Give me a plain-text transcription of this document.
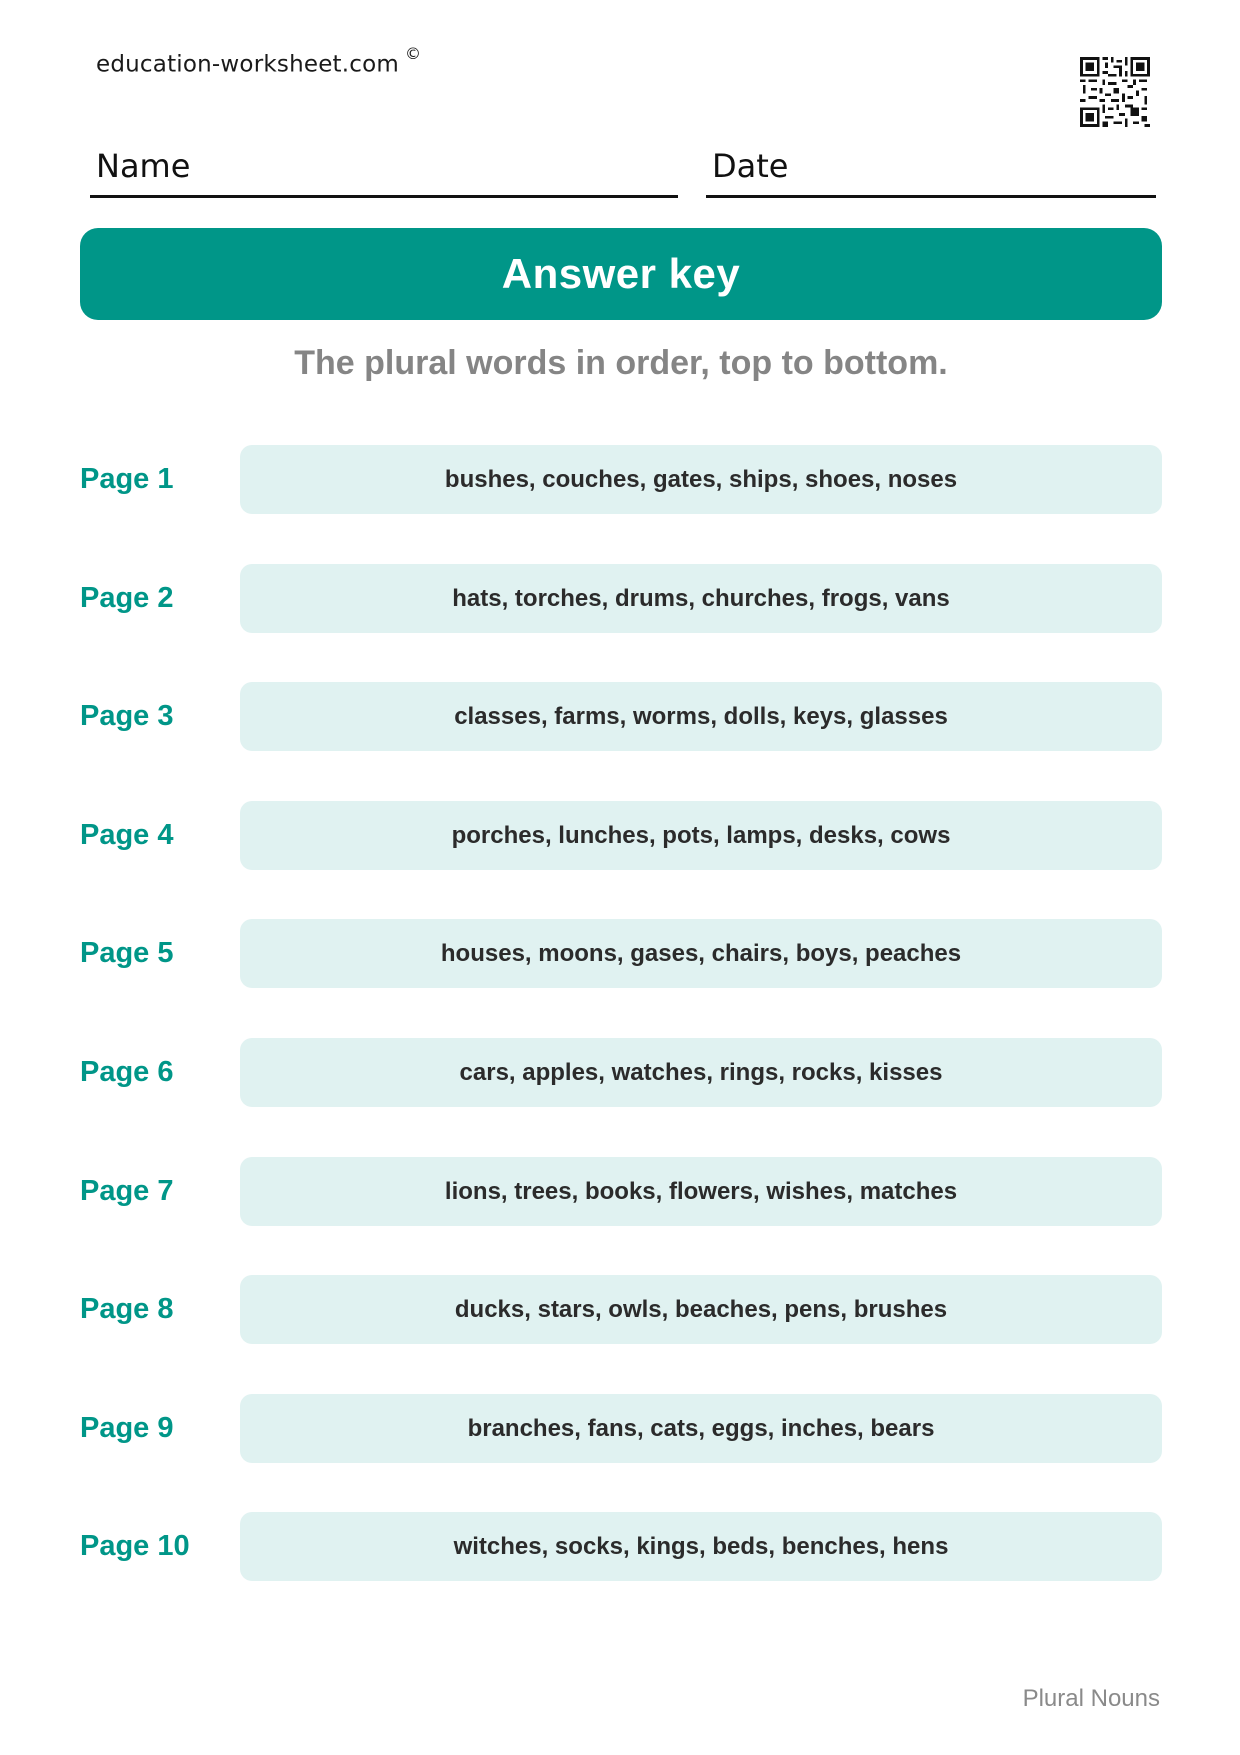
education-worksheet.com ©
Name	Date
Answer key
The plural words in order, top to bottom.
Page 1	bushes, couches, gates, ships, shoes, noses
Page 2	hats, torches, drums, churches, frogs, vans
Page 3	classes, farms, worms, dolls, keys, glasses
Page 4	porches, lunches, pots, lamps, desks, cows
Page 5	houses, moons, gases, chairs, boys, peaches
Page 6	cars, apples, watches, rings, rocks, kisses
Page 7	lions, trees, books, flowers, wishes, matches
Page 8	ducks, stars, owls, beaches, pens, brushes
Page 9	branches, fans, cats, eggs, inches, bears
Page 10	witches, socks, kings, beds, benches, hens
Plural Nouns
